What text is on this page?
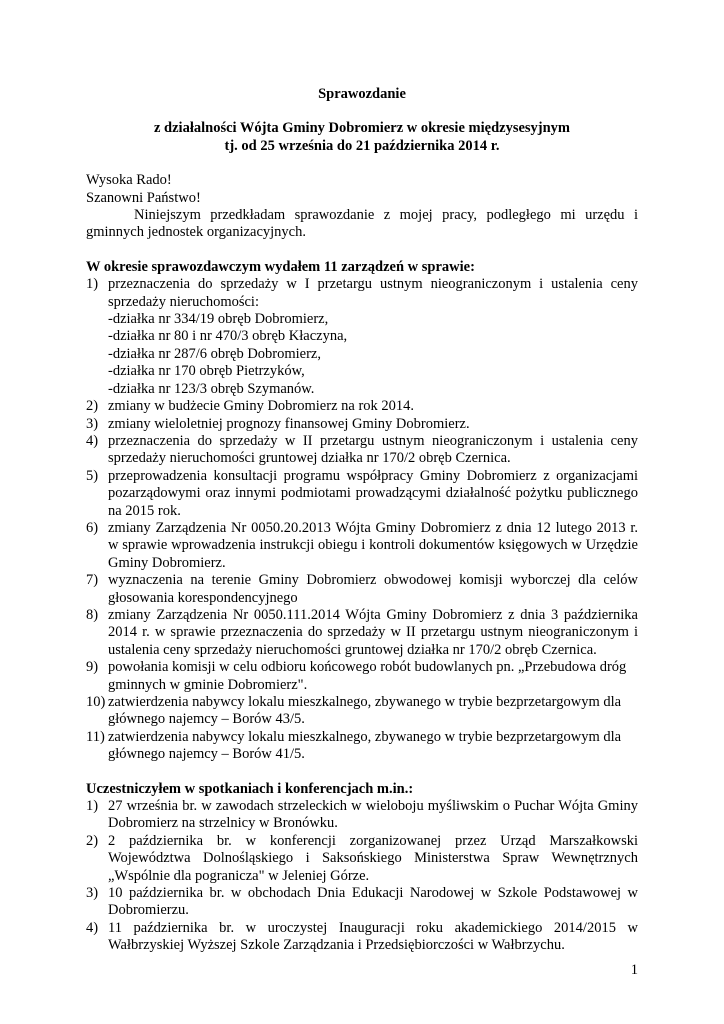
Sprawozdanie

z działalności Wójta Gminy Dobromierz w okresie międzysesyjnym
tj. od 25 września do 21 października 2014 r.
Wysoka Rado!
Szanowni Państwo!

Niniejszym przedkładam sprawozdanie z mojej pracy, podległego mi urzędu i gminnych jednostek organizacyjnych.

W okresie sprawozdawczym wydałem 11 zarządzeń w sprawie:

1) przeznaczenia do sprzedaży w I przetargu ustnym nieograniczonym i ustalenia ceny sprzedaży nieruchomości:
-działka nr 334/19 obręb Dobromierz,
-działka nr 80 i nr 470/3 obręb Kłaczyna,
-działka nr 287/6 obręb Dobromierz,
-działka nr 170 obręb Pietrzyków,
-działka nr 123/3 obręb Szymanów.
2) zmiany w budżecie Gminy Dobromierz na rok 2014.
3) zmiany wieloletniej prognozy finansowej Gminy Dobromierz.
4) przeznaczenia do sprzedaży w II przetargu ustnym nieograniczonym i ustalenia ceny sprzedaży nieruchomości gruntowej działka nr 170/2 obręb Czernica.
5) przeprowadzenia konsultacji programu współpracy Gminy Dobromierz z organizacjami pozarządowymi oraz innymi podmiotami prowadzącymi działalność pożytku publicznego na 2015 rok.
6) zmiany Zarządzenia Nr 0050.20.2013 Wójta Gminy Dobromierz z dnia 12 lutego 2013 r. w sprawie wprowadzenia instrukcji obiegu i kontroli dokumentów księgowych w Urzędzie Gminy Dobromierz.
7) wyznaczenia na terenie Gminy Dobromierz obwodowej komisji wyborczej dla celów głosowania korespondencyjnego
8) zmiany Zarządzenia Nr 0050.111.2014 Wójta Gminy Dobromierz z dnia 3 października 2014 r. w sprawie przeznaczenia do sprzedaży w II przetargu ustnym nieograniczonym i ustalenia ceny sprzedaży nieruchomości gruntowej działka nr 170/2 obręb Czernica.
9) powołania komisji w celu odbioru końcowego robót budowlanych pn. „Przebudowa dróg gminnych w gminie Dobromierz".
10) zatwierdzenia nabywcy lokalu mieszkalnego, zbywanego w trybie bezprzetargowym dla głównego najemcy – Borów 43/5.
11) zatwierdzenia nabywcy lokalu mieszkalnego, zbywanego w trybie bezprzetargowym dla głównego najemcy – Borów 41/5.

Uczestniczyłem w spotkaniach i konferencjach m.in.:

1) 27 września br. w zawodach strzeleckich w wieloboju myśliwskim o Puchar Wójta Gminy Dobromierz na strzelnicy w Bronówku.
2) 2 października br. w konferencji zorganizowanej przez Urząd Marszałkowski Województwa Dolnośląskiego i Saksońskiego Ministerstwa Spraw Wewnętrznych „Wspólnie dla pogranicza" w Jeleniej Górze.
3) 10 października br. w obchodach Dnia Edukacji Narodowej w Szkole Podstawowej w Dobromierzu.
4) 11 października br. w uroczystej Inauguracji roku akademickiego 2014/2015 w Wałbrzyskiej Wyższej Szkole Zarządzania i Przedsiębiorczości w Wałbrzychu.
1
